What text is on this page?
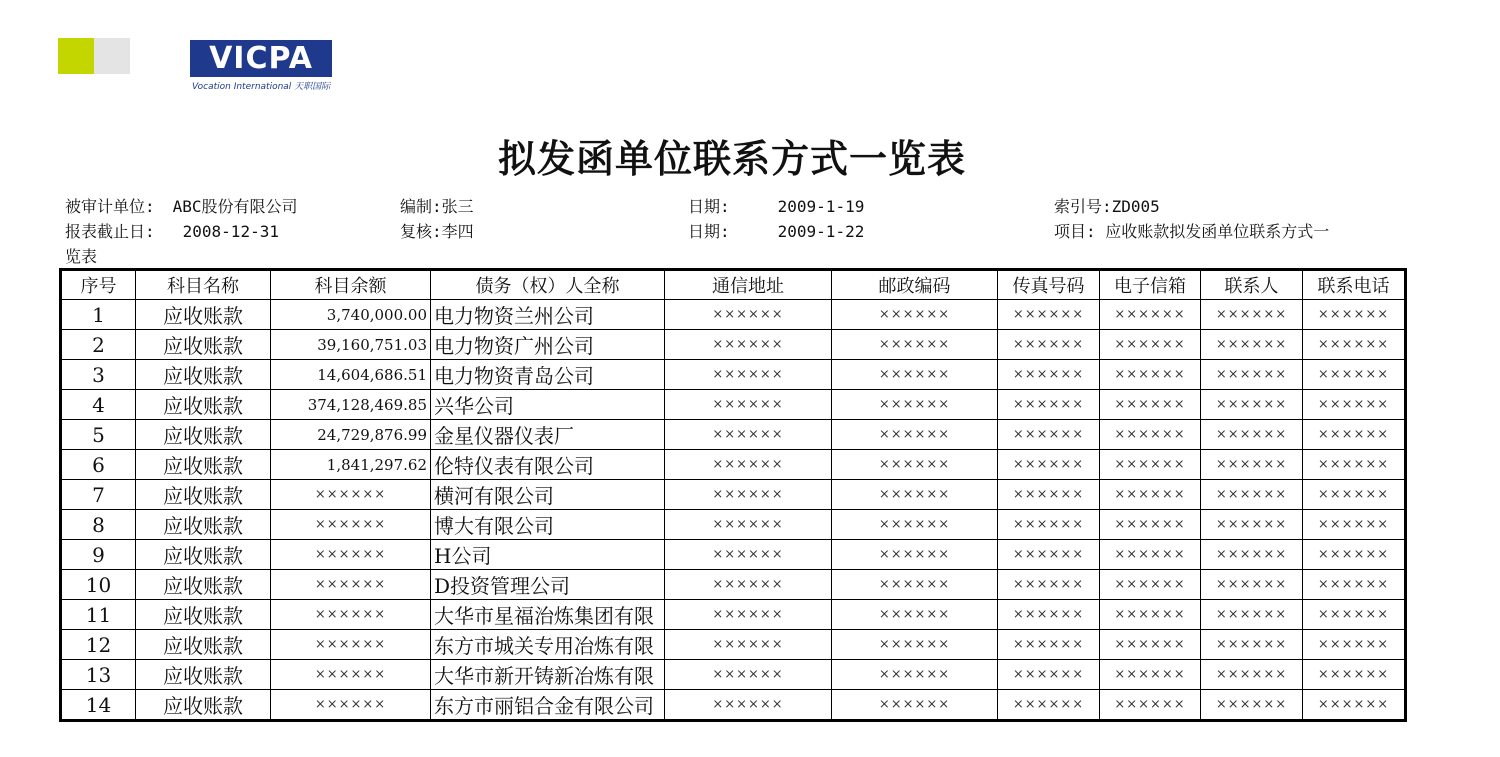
VICPA
Vocation International 天职国际
拟发函单位联系方式一览表
被审计单位: ABC股份有限公司	编制:张三	日期:	2009-1-19	索引号:ZD005
报表截止日: 2008-12-31	复核:李四	日期:	2009-1-22	项目: 应收账款拟发函单位联系方式一
览表
序号	科目名称	科目余额	债务（权）人全称	通信地址	邮政编码	传真号码	电子信箱	联系人	联系电话
1	应收账款	3,740,000.00	电力物资兰州公司	××××××	××××××	××××××	××××××	××××××	××××××
2	应收账款	39,160,751.03	电力物资广州公司	××××××	××××××	××××××	××××××	××××××	××××××
3	应收账款	14,604,686.51	电力物资青岛公司	××××××	××××××	××××××	××××××	××××××	××××××
4	应收账款	374,128,469.85	兴华公司	××××××	××××××	××××××	××××××	××××××	××××××
5	应收账款	24,729,876.99	金星仪器仪表厂	××××××	××××××	××××××	××××××	××××××	××××××
6	应收账款	1,841,297.62	伦特仪表有限公司	××××××	××××××	××××××	××××××	××××××	××××××
7	应收账款	××××××	横河有限公司	××××××	××××××	××××××	××××××	××××××	××××××
8	应收账款	××××××	博大有限公司	××××××	××××××	××××××	××××××	××××××	××××××
9	应收账款	××××××	H公司	××××××	××××××	××××××	××××××	××××××	××××××
10	应收账款	××××××	D投资管理公司	××××××	××××××	××××××	××××××	××××××	××××××
11	应收账款	××××××	大华市星福治炼集团有限	××××××	××××××	××××××	××××××	××××××	××××××
12	应收账款	××××××	东方市城关专用冶炼有限	××××××	××××××	××××××	××××××	××××××	××××××
13	应收账款	××××××	大华市新开铸新冶炼有限	××××××	××××××	××××××	××××××	××××××	××××××
14	应收账款	××××××	东方市丽铝合金有限公司	××××××	××××××	××××××	××××××	××××××	××××××
